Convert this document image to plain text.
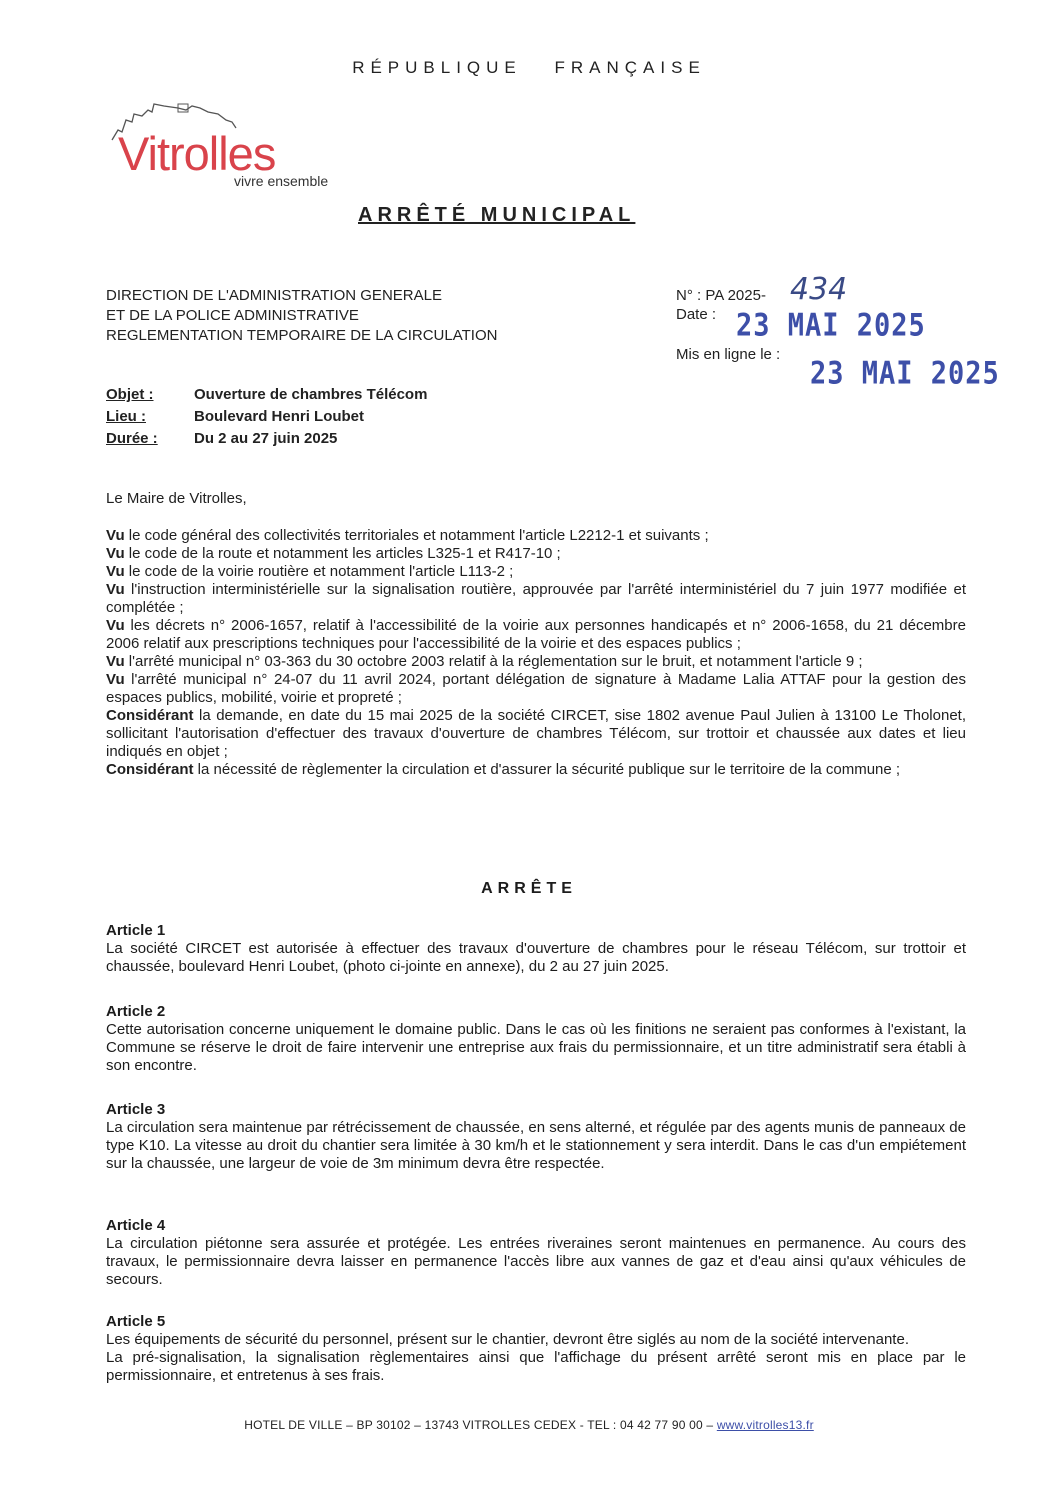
RÉPUBLIQUE FRANÇAISE
Vitrolles
vivre ensemble
ARRÊTÉ MUNICIPAL
DIRECTION DE L'ADMINISTRATION GENERALE
ET DE LA POLICE ADMINISTRATIVE
REGLEMENTATION TEMPORAIRE DE LA CIRCULATION
N° : PA 2025- 434
Date : 23 MAI 2025
Mis en ligne le :
23 MAI 2025
Objet :	Ouverture de chambres Télécom
Lieu :	Boulevard Henri Loubet
Durée : Du 2 au 27 juin 2025
Le Maire de Vitrolles,

Vu le code général des collectivités territoriales et notamment l'article L2212-1 et suivants ;

Vu le code de la route et notamment les articles L325-1 et R417-10 ;

Vu le code de la voirie routière et notamment l'article L113-2 ;

Vu l'instruction interministérielle sur la signalisation routière, approuvée par l'arrêté interministériel du 7 juin 1977 modifiée et complétée ;

Vu les décrets n° 2006-1657, relatif à l'accessibilité de la voirie aux personnes handicapés et n° 2006-1658, du 21 décembre 2006 relatif aux prescriptions techniques pour l'accessibilité de la voirie et des espaces publics ;

Vu l'arrêté municipal n° 03-363 du 30 octobre 2003 relatif à la réglementation sur le bruit, et notamment l'article 9 ;

Vu l'arrêté municipal n° 24-07 du 11 avril 2024, portant délégation de signature à Madame Lalia ATTAF pour la gestion des espaces publics, mobilité, voirie et propreté ;

Considérant la demande, en date du 15 mai 2025 de la société CIRCET, sise 1802 avenue Paul Julien à 13100 Le Tholonet, sollicitant l'autorisation d'effectuer des travaux d'ouverture de chambres Télécom, sur trottoir et chaussée aux dates et lieu indiqués en objet ;

Considérant la nécessité de règlementer la circulation et d'assurer la sécurité publique sur le territoire de la commune ;

ARRÊTE
Article 1

La société CIRCET est autorisée à effectuer des travaux d'ouverture de chambres pour le réseau Télécom, sur trottoir et chaussée, boulevard Henri Loubet, (photo ci-jointe en annexe), du 2 au 27 juin 2025.

Article 2

Cette autorisation concerne uniquement le domaine public. Dans le cas où les finitions ne seraient pas conformes à l'existant, la Commune se réserve le droit de faire intervenir une entreprise aux frais du permissionnaire, et un titre administratif sera établi à son encontre.

Article 3

La circulation sera maintenue par rétrécissement de chaussée, en sens alterné, et régulée par des agents munis de panneaux de type K10. La vitesse au droit du chantier sera limitée à 30 km/h et le stationnement y sera interdit. Dans le cas d'un empiétement sur la chaussée, une largeur de voie de 3m minimum devra être respectée.

Article 4

La circulation piétonne sera assurée et protégée. Les entrées riveraines seront maintenues en permanence. Au cours des travaux, le permissionnaire devra laisser en permanence l'accès libre aux vannes de gaz et d'eau ainsi qu'aux véhicules de secours.

Article 5

Les équipements de sécurité du personnel, présent sur le chantier, devront être siglés au nom de la société intervenante.

La pré-signalisation, la signalisation règlementaires ainsi que l'affichage du présent arrêté seront mis en place par le permissionnaire, et entretenus à ses frais.

HOTEL DE VILLE – BP 30102 – 13743 VITROLLES CEDEX - TEL : 04 42 77 90 00 – www.vitrolles13.fr
